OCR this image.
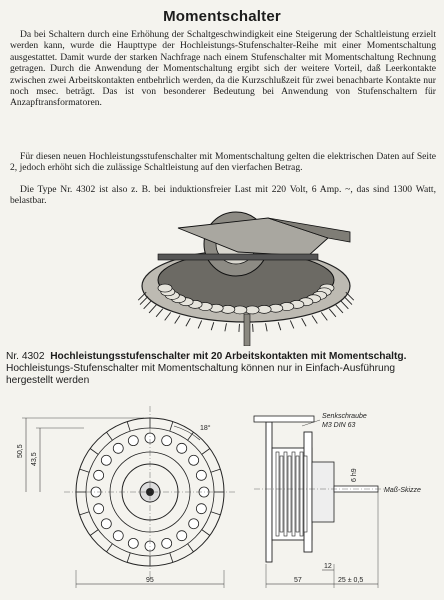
Momentschalter

Da bei Schaltern durch eine Erhöhung der Schaltgeschwindigkeit eine Steigerung der Schaltleistung erzielt werden kann, wurde die Haupttype der Hochleistungs-Stufenschalter-Reihe mit einer Momentschaltung ausgestattet. Damit wurde der starken Nachfrage nach einem Stufenschalter mit Momentschaltung Rechnung getragen. Durch die Anwendung der Momentschaltung ergibt sich der weitere Vorteil, daß Leerkontakte zwischen zwei Arbeitskontakten entbehrlich werden, da die Kurzschlußzeit für zwei benachbarte Kontakte nur noch msec. beträgt. Das ist von besonderer Bedeutung bei Anwendung von Stufenschaltern für Anzapftransformatoren.

Für diesen neuen Hochleistungsstufenschalter mit Momentschaltung gelten die elektrischen Daten auf Seite 2, jedoch erhöht sich die zulässige Schaltleistung auf den vierfachen Betrag.

Die Type Nr. 4302 ist also z. B. bei induktionsfreier Last mit 220 Volt, 6 Amp. ~, das sind 1300 Watt, belastbar.

Nr. 4302 Hochleistungsstufenschalter mit 20 Arbeitskontakten mit Momentschaltg.
Hochleistungs-Stufenschalter mit Momentschaltung können nur in Einfach-Ausführung hergestellt werden
18°
50,5
43,5
95
Senkschraube
M3 DIN 63
6 h9
Maß-Skizze
57
12
25 ± 0,5
